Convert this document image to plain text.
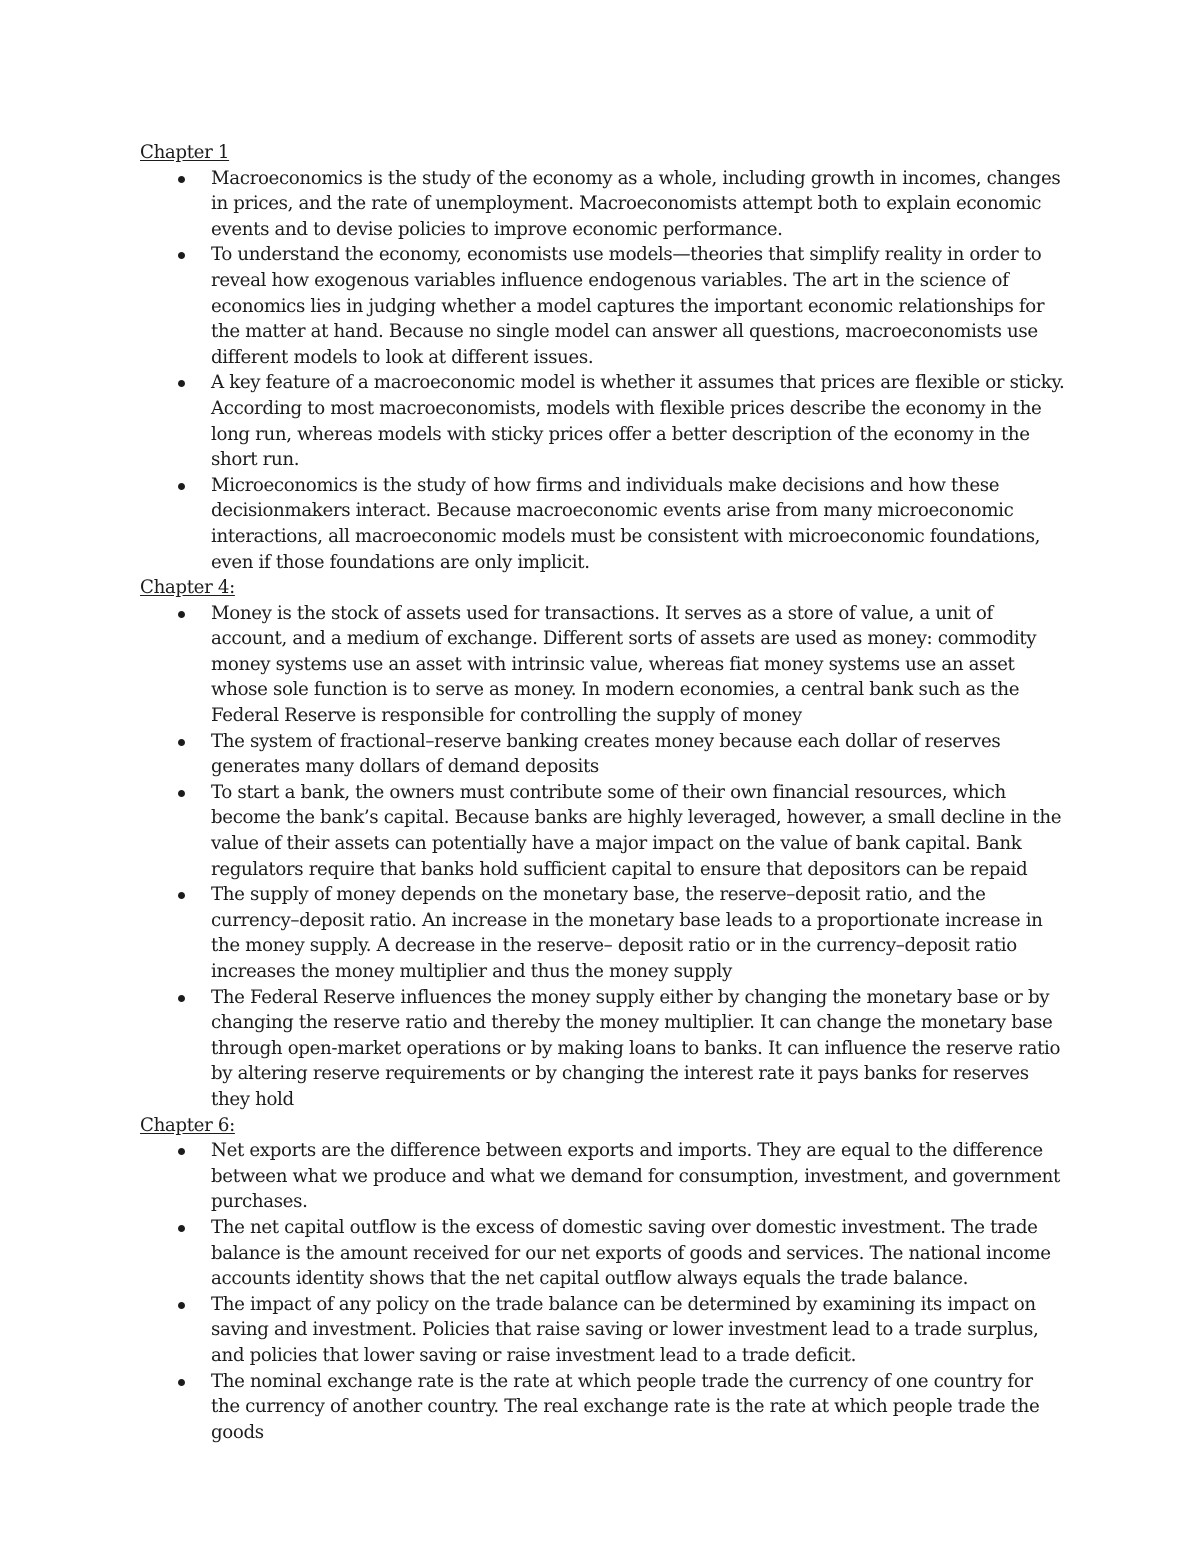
Chapter 1
Macroeconomics is the study of the economy as a whole, including growth in incomes, changes in prices, and the rate of unemployment. Macroeconomists attempt both to explain economic events and to devise policies to improve economic performance.
To understand the economy, economists use models—theories that simplify reality in order to reveal how exogenous variables influence endogenous variables. The art in the science of economics lies in judging whether a model captures the important economic relationships for the matter at hand. Because no single model can answer all questions, macroeconomists use different models to look at different issues.
A key feature of a macroeconomic model is whether it assumes that prices are flexible or sticky. According to most macroeconomists, models with flexible prices describe the economy in the long run, whereas models with sticky prices offer a better description of the economy in the short run.
Microeconomics is the study of how firms and individuals make decisions and how these decisionmakers interact. Because macroeconomic events arise from many microeconomic interactions, all macroeconomic models must be consistent with microeconomic foundations, even if those foundations are only implicit.
Chapter 4:
Money is the stock of assets used for transactions. It serves as a store of value, a unit of account, and a medium of exchange. Different sorts of assets are used as money: commodity money systems use an asset with intrinsic value, whereas fiat money systems use an asset whose sole function is to serve as money. In modern economies, a central bank such as the Federal Reserve is responsible for controlling the supply of money
The system of fractional–reserve banking creates money because each dollar of reserves generates many dollars of demand deposits
To start a bank, the owners must contribute some of their own financial resources, which become the bank’s capital. Because banks are highly leveraged, however, a small decline in the value of their assets can potentially have a major impact on the value of bank capital. Bank regulators require that banks hold sufficient capital to ensure that depositors can be repaid
The supply of money depends on the monetary base, the reserve–deposit ratio, and the currency–deposit ratio. An increase in the monetary base leads to a proportionate increase in the money supply. A decrease in the reserve– deposit ratio or in the currency–deposit ratio increases the money multiplier and thus the money supply
The Federal Reserve influences the money supply either by changing the monetary base or by changing the reserve ratio and thereby the money multiplier. It can change the monetary base through open-market operations or by making loans to banks. It can influence the reserve ratio by altering reserve requirements or by changing the interest rate it pays banks for reserves they hold
Chapter 6:
Net exports are the difference between exports and imports. They are equal to the difference between what we produce and what we demand for consumption, investment, and government purchases.
The net capital outflow is the excess of domestic saving over domestic investment. The trade balance is the amount received for our net exports of goods and services. The national income accounts identity shows that the net capital outflow always equals the trade balance.
The impact of any policy on the trade balance can be determined by examining its impact on saving and investment. Policies that raise saving or lower investment lead to a trade surplus, and policies that lower saving or raise investment lead to a trade deficit.
The nominal exchange rate is the rate at which people trade the currency of one country for the currency of another country. The real exchange rate is the rate at which people trade the goods
